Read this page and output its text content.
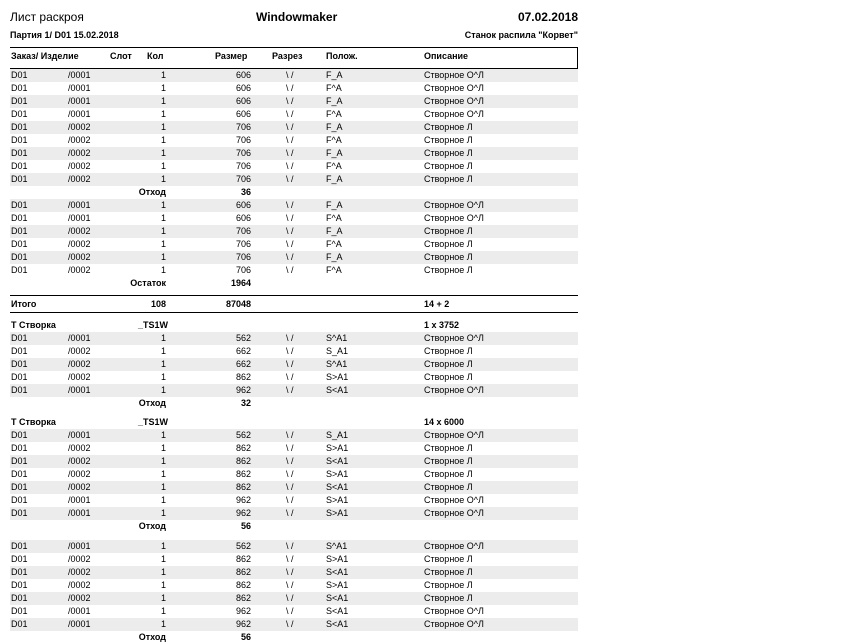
Лист раскроя	Windowmaker	07.02.2018
Партия 1/ D01 15.02.2018	Станок распила "Корвет"
Заказ/ Изделие	Слот Кол	Размер	Разрез	Полож.	Описание
D01	/0001	1	606	\ /	F_A	Створное О^Л
D01	/0001	1	606	\ /	F^A	Створное О^Л
D01	/0001	1	606	\ /	F_A	Створное О^Л
D01	/0001	1	606	\ /	F^A	Створное О^Л
D01	/0002	1	706	\ /	F_A	Створное Л
D01	/0002	1	706	\ /	F^A	Створное Л
D01	/0002	1	706	\ /	F_A	Створное Л
D01	/0002	1	706	\ /	F^A	Створное Л
D01	/0002	1	706	\ /	F_A	Створное Л
Отход	36
D01	/0001	1	606	\ /	F_A	Створное О^Л
D01	/0001	1	606	\ /	F^A	Створное О^Л
D01	/0002	1	706	\ /	F_A	Створное Л
D01	/0002	1	706	\ /	F^A	Створное Л
D01	/0002	1	706	\ /	F_A	Створное Л
D01	/0002	1	706	\ /	F^A	Створное Л
Остаток	1964
Итого	108	87048	14 + 2
Т Створка	_TS1W	1 x 3752
D01	/0001	1	562	\ /	S^A1	Створное О^Л
D01	/0002	1	662	\ /	S_A1	Створное Л
D01	/0002	1	662	\ /	S^A1	Створное Л
D01	/0002	1	862	\ /	S>A1	Створное Л
D01	/0001	1	962	\ /	S<A1	Створное О^Л
Отход	32
Т Створка	_TS1W	14 x 6000
D01	/0001	1	562	\ /	S_A1	Створное О^Л
D01	/0002	1	862	\ /	S>A1	Створное Л
D01	/0002	1	862	\ /	S<A1	Створное Л
D01	/0002	1	862	\ /	S>A1	Створное Л
D01	/0002	1	862	\ /	S<A1	Створное Л
D01	/0001	1	962	\ /	S>A1	Створное О^Л
D01	/0001	1	962	\ /	S>A1	Створное О^Л
Отход	56
D01	/0001	1	562	\ /	S^A1	Створное О^Л
D01	/0002	1	862	\ /	S>A1	Створное Л
D01	/0002	1	862	\ /	S<A1	Створное Л
D01	/0002	1	862	\ /	S>A1	Створное Л
D01	/0002	1	862	\ /	S<A1	Створное Л
D01	/0001	1	962	\ /	S<A1	Створное О^Л
D01	/0001	1	962	\ /	S<A1	Створное О^Л
Отход	56
